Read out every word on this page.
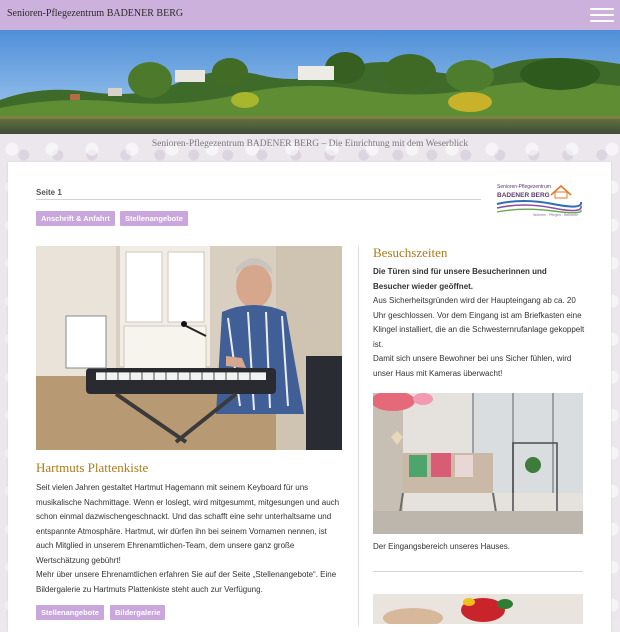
Senioren-Pflegezentrum BADENER BERG
Senioren-Pflegezentrum BADENER BERG – Die Einrichtung mit dem Weserblick
Seite 1
Senioren-Pflegezentrum
BADENER BERG
Wohnen · Pflegen · Betreuen
Anschrift & Anfahrt	Stellenangebote
Hartmuts Plattenkiste

Seit vielen Jahren gestaltet Hartmut Hagemann mit seinem Keyboard für uns musikalische Nachmittage. Wenn er loslegt, wird mitgesummt, mitgesungen und auch schon einmal dazwischengeschnackt. Und das schafft eine sehr unterhaltsame und entspannte Atmosphäre. Hartmut, wir dürfen ihn bei seinem Vornamen nennen, ist auch Mitglied in unserem Ehrenamtlichen-Team, dem unsere ganz große Wertschätzung gebührt!

Mehr über unsere Ehrenamtlichen erfahren Sie auf der Seite „Stellenangebote“. Eine Bildergalerie zu Hartmuts Plattenkiste steht auch zur Verfügung.

Stellenangebote	Bildergalerie
Besuchszeiten

Die Türen sind für unsere Besucherinnen und Besucher wieder geöffnet.

Aus Sicherheitsgründen wird der Haupteingang ab ca. 20 Uhr geschlossen. Vor dem Eingang ist am Briefkasten eine Klingel installiert, die an die Schwesternrufanlage gekoppelt ist.

Damit sich unsere Bewohner bei uns Sicher fühlen, wird unser Haus mit Kameras überwacht!

Der Eingangsbereich unseres Hauses.
